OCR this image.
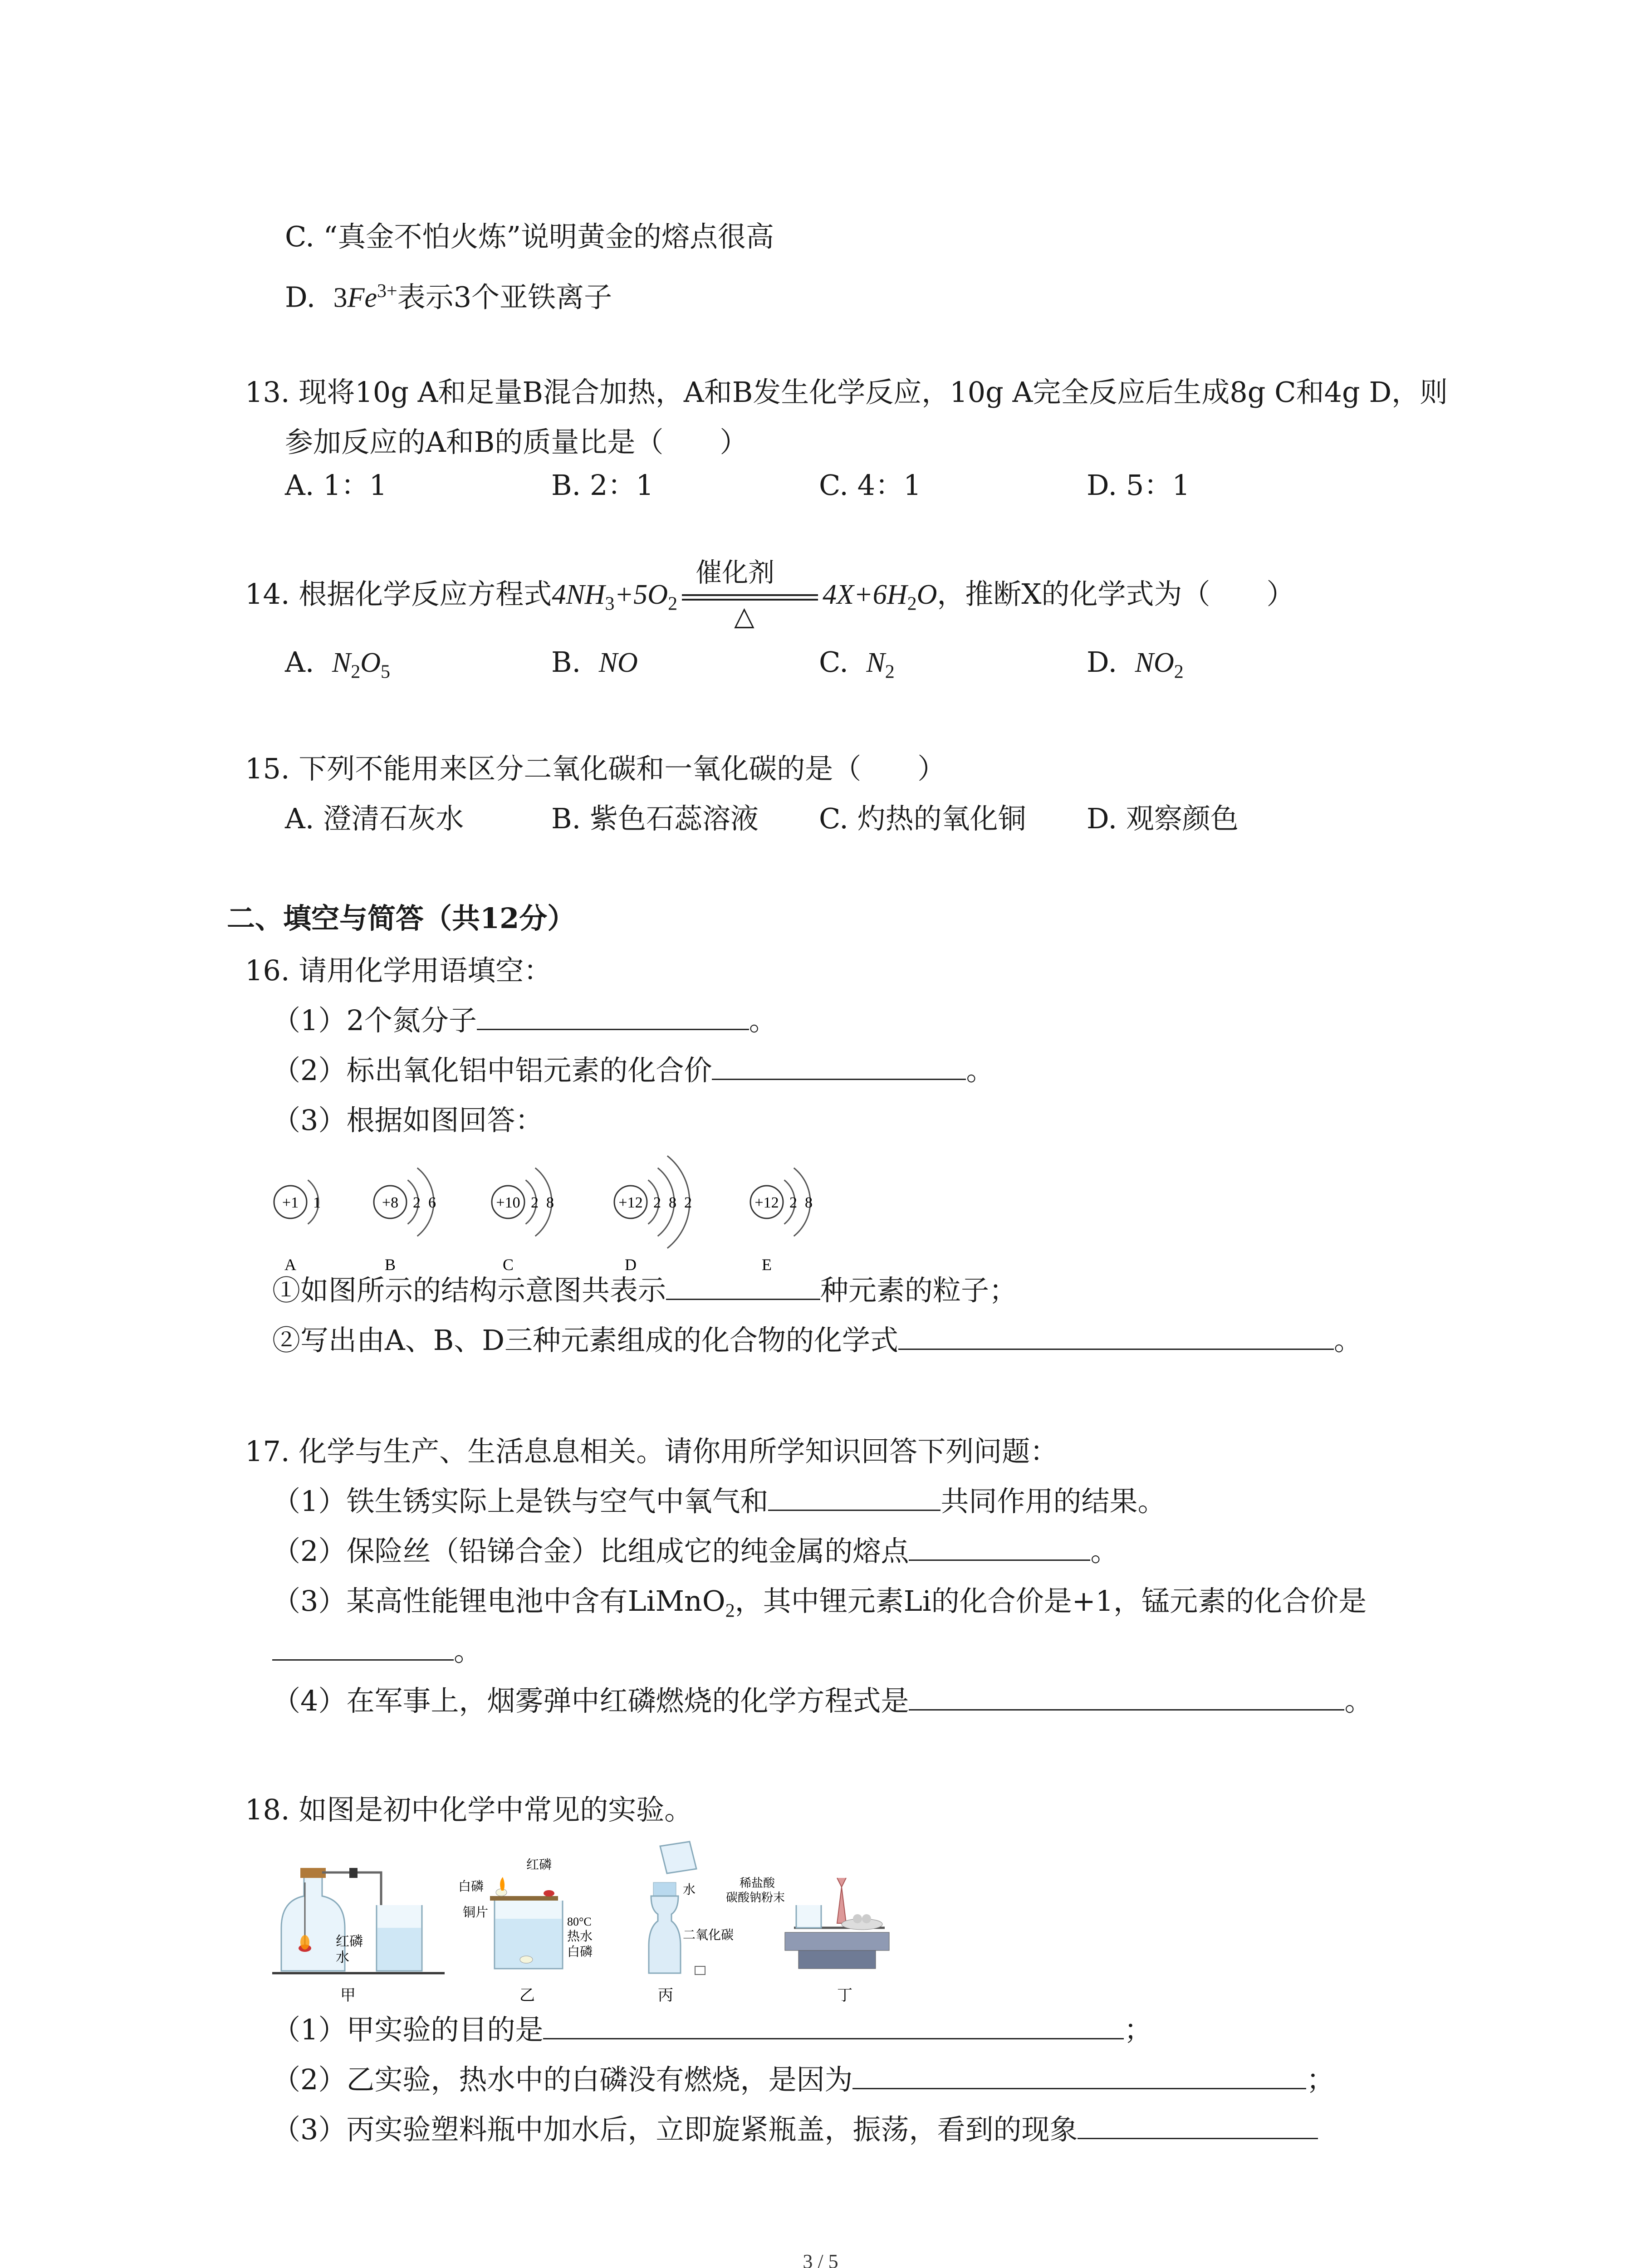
C. “真金不怕火炼”说明黄金的熔点很高
D. $3Fe^{3+}$表示3个亚铁离子
13. 现将10g A和足量B混合加热，A和B发生化学反应，10g A完全反应后生成8g C和4g D，则
参加反应的A和B的质量比是（　　）
A. 1：1	B. 2：1	C. 4：1	D. 5：1
14. 根据化学反应方程式$4NH_3+5O_2$
催化剂
△
$4X+6H_2O$，推断X的化学式为（　　）
A. $N_2O_5$	B. NO	C. $N_2$	D. $NO_2$
15. 下列不能用来区分二氧化碳和一氧化碳的是（　　）
A. 澄清石灰水	B. 紫色石蕊溶液 C. 灼热的氧化铜 D. 观察颜色
二、填空与简答（共12分）
16. 请用化学用语填空：
（1）2个氮分子	。
（2）标出氧化铝中铝元素的化合价	。
（3）根据如图回答：
+1 1
A
+8 2 6
B
+10 2 8
C
+12 2 8 2
D
+12 2 8
E
①如图所示的结构示意图共表示	种元素的粒子；
②写出由A、B、D三种元素组成的化合物的化学式	。
17. 化学与生产、生活息息相关。请你用所学知识回答下列问题：
（1）铁生锈实际上是铁与空气中氧气和	共同作用的结果。
（2）保险丝（铅锑合金）比组成它的纯金属的熔点	。
（3）某高性能锂电池中含有LiMnO$_2$，其中锂元素Li的化合价是+1，锰元素的化合价是
。
（4）在军事上，烟雾弹中红磷燃烧的化学方程式是	。
18. 如图是初中化学中常见的实验。
红磷
水
甲
红磷
白磷
铜片
80°C
热水
白磷
乙
水
二氧化碳
丙
稀盐酸
碳酸钠粉末
丁
（1）甲实验的目的是	；
（2）乙实验，热水中的白磷没有燃烧，是因为	；
（3）丙实验塑料瓶中加水后，立即旋紧瓶盖，振荡，看到的现象
3 / 5
